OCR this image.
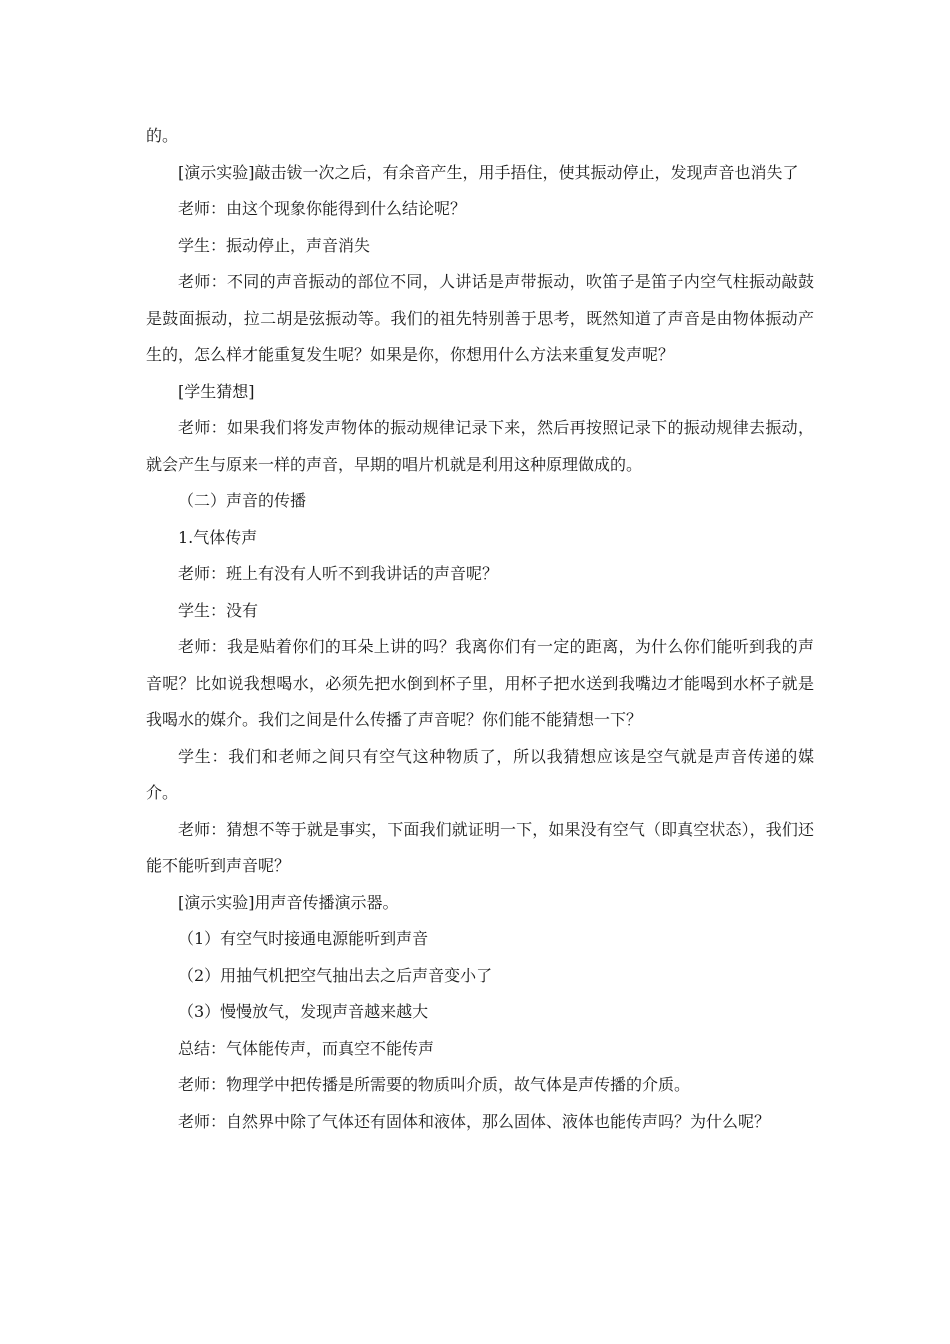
的。

[演示实验]敲击钹一次之后，有余音产生，用手捂住，使其振动停止，发现声音也消失了

老师：由这个现象你能得到什么结论呢？

学生：振动停止，声音消失

老师：不同的声音振动的部位不同，人讲话是声带振动，吹笛子是笛子内空气柱振动敲鼓是鼓面振动，拉二胡是弦振动等。我们的祖先特别善于思考，既然知道了声音是由物体振动产生的，怎么样才能重复发生呢？如果是你，你想用什么方法来重复发声呢？

[学生猜想]

老师：如果我们将发声物体的振动规律记录下来，然后再按照记录下的振动规律去振动，就会产生与原来一样的声音，早期的唱片机就是利用这种原理做成的。

（二）声音的传播

1.气体传声

老师：班上有没有人听不到我讲话的声音呢？

学生：没有

老师：我是贴着你们的耳朵上讲的吗？我离你们有一定的距离，为什么你们能听到我的声音呢？比如说我想喝水，必须先把水倒到杯子里，用杯子把水送到我嘴边才能喝到水杯子就是我喝水的媒介。我们之间是什么传播了声音呢？你们能不能猜想一下？

学生：我们和老师之间只有空气这种物质了，所以我猜想应该是空气就是声音传递的媒介。

老师：猜想不等于就是事实，下面我们就证明一下，如果没有空气（即真空状态），我们还能不能听到声音呢？

[演示实验]用声音传播演示器。

（1）有空气时接通电源能听到声音

（2）用抽气机把空气抽出去之后声音变小了

（3）慢慢放气，发现声音越来越大

总结：气体能传声，而真空不能传声

老师：物理学中把传播是所需要的物质叫介质，故气体是声传播的介质。

老师：自然界中除了气体还有固体和液体，那么固体、液体也能传声吗？为什么呢？
